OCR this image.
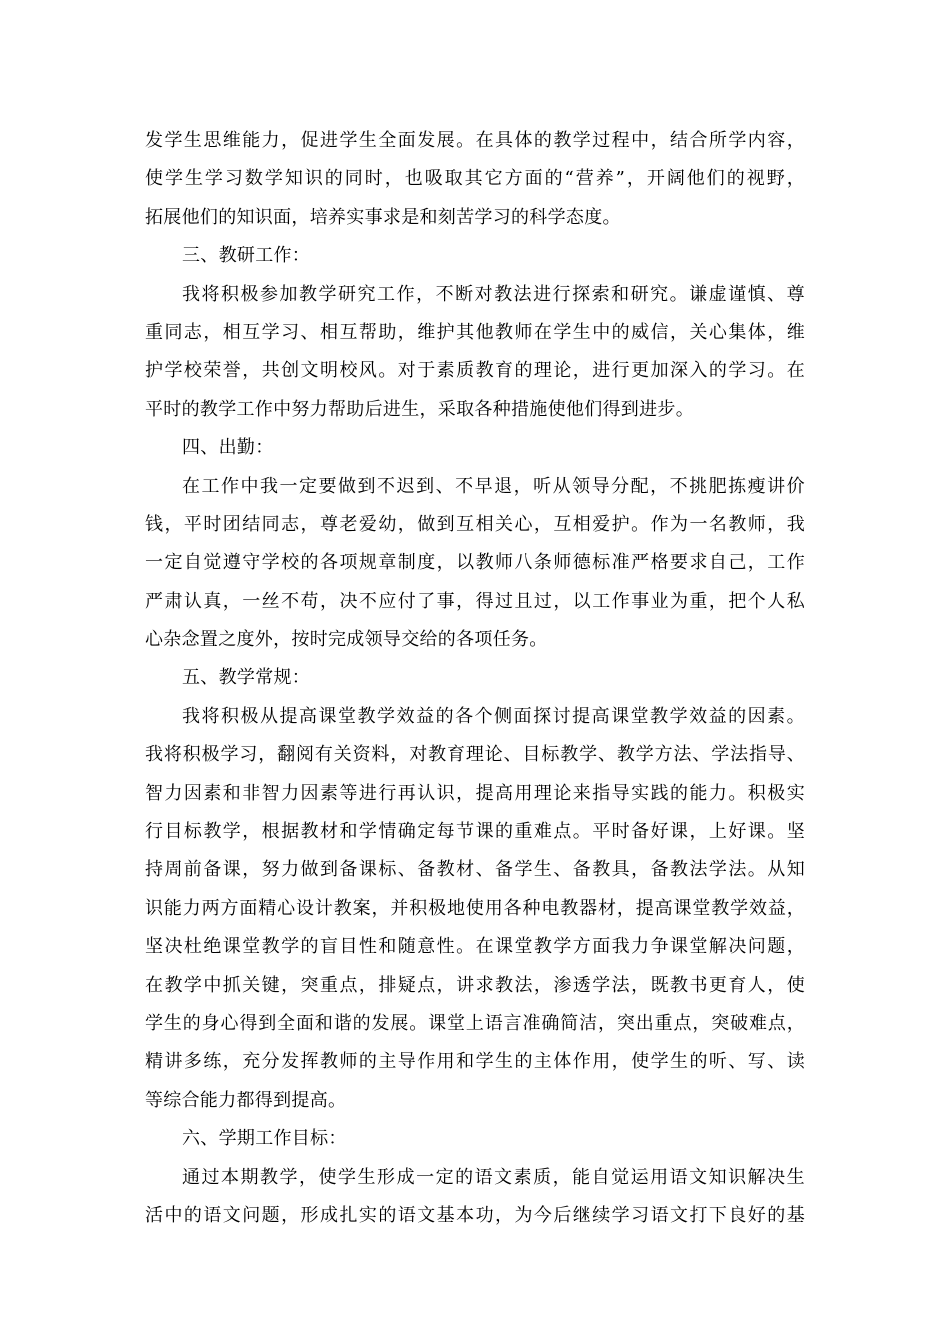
发学生思维能力，促进学生全面发展。在具体的教学过程中，结合所学内容，
使学生学习数学知识的同时，也吸取其它方面的“营养”，开阔他们的视野，
拓展他们的知识面，培养实事求是和刻苦学习的科学态度。
三、教研工作：
我将积极参加教学研究工作，不断对教法进行探索和研究。谦虚谨慎、尊
重同志，相互学习、相互帮助，维护其他教师在学生中的威信，关心集体，维
护学校荣誉，共创文明校风。对于素质教育的理论，进行更加深入的学习。在
平时的教学工作中努力帮助后进生，采取各种措施使他们得到进步。
四、出勤：
在工作中我一定要做到不迟到、不早退，听从领导分配，不挑肥拣瘦讲价
钱，平时团结同志，尊老爱幼，做到互相关心，互相爱护。作为一名教师，我
一定自觉遵守学校的各项规章制度，以教师八条师德标准严格要求自己，工作
严肃认真，一丝不苟，决不应付了事，得过且过，以工作事业为重，把个人私
心杂念置之度外，按时完成领导交给的各项任务。
五、教学常规：
我将积极从提高课堂教学效益的各个侧面探讨提高课堂教学效益的因素。
我将积极学习，翻阅有关资料，对教育理论、目标教学、教学方法、学法指导、
智力因素和非智力因素等进行再认识，提高用理论来指导实践的能力。积极实
行目标教学，根据教材和学情确定每节课的重难点。平时备好课，上好课。坚
持周前备课，努力做到备课标、备教材、备学生、备教具，备教法学法。从知
识能力两方面精心设计教案，并积极地使用各种电教器材，提高课堂教学效益，
坚决杜绝课堂教学的盲目性和随意性。在课堂教学方面我力争课堂解决问题，
在教学中抓关键，突重点，排疑点，讲求教法，渗透学法，既教书更育人，使
学生的身心得到全面和谐的发展。课堂上语言准确简洁，突出重点，突破难点，
精讲多练，充分发挥教师的主导作用和学生的主体作用，使学生的听、写、读
等综合能力都得到提高。
六、学期工作目标：
通过本期教学，使学生形成一定的语文素质，能自觉运用语文知识解决生
活中的语文问题，形成扎实的语文基本功，为今后继续学习语文打下良好的基
